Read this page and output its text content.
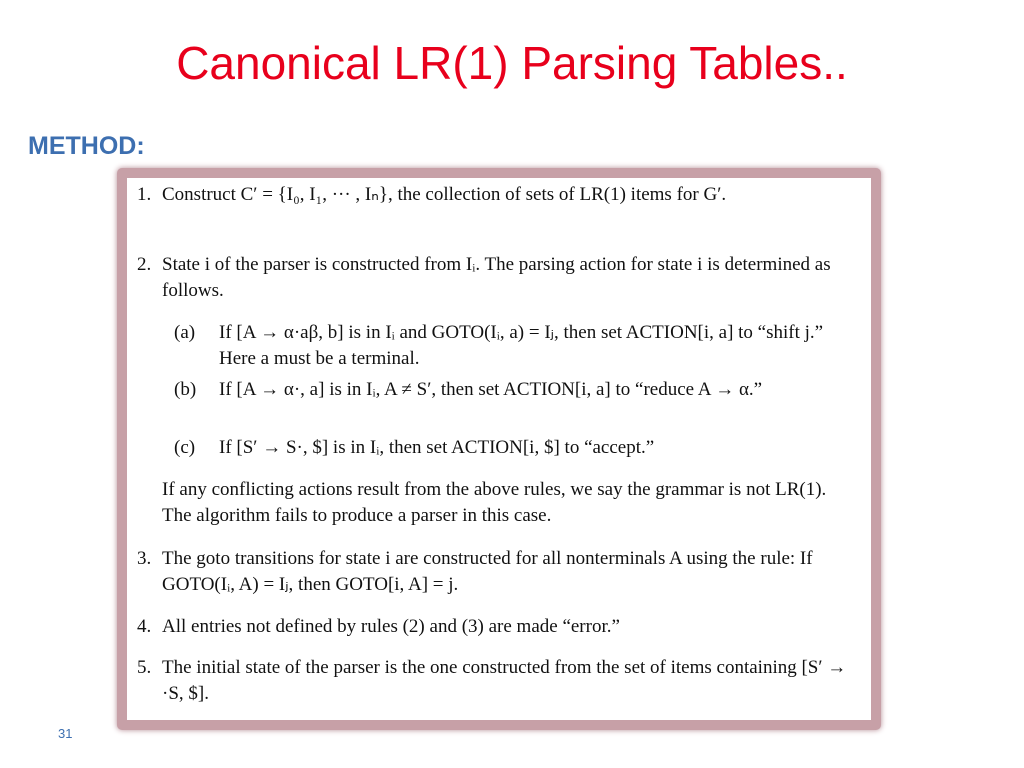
Canonical LR(1) Parsing Tables..
METHOD:
1. Construct C′ = {I₀, I₁, ··· , Iₙ}, the collection of sets of LR(1) items for G′.
2. State i of the parser is constructed from Iᵢ. The parsing action for state i is determined as follows.
(a) If [A → α·aβ, b] is in Iᵢ and GOTO(Iᵢ, a) = Iⱼ, then set ACTION[i, a] to “shift j.” Here a must be a terminal.
(b) If [A → α·, a] is in Iᵢ, A ≠ S′, then set ACTION[i, a] to “reduce A → α.”
(c) If [S′ → S·, $] is in Iᵢ, then set ACTION[i, $] to “accept.”
If any conflicting actions result from the above rules, we say the grammar is not LR(1). The algorithm fails to produce a parser in this case.
3. The goto transitions for state i are constructed for all nonterminals A using the rule: If GOTO(Iᵢ, A) = Iⱼ, then GOTO[i, A] = j.
4. All entries not defined by rules (2) and (3) are made “error.”
5. The initial state of the parser is the one constructed from the set of items containing [S′ → ·S, $].
31
